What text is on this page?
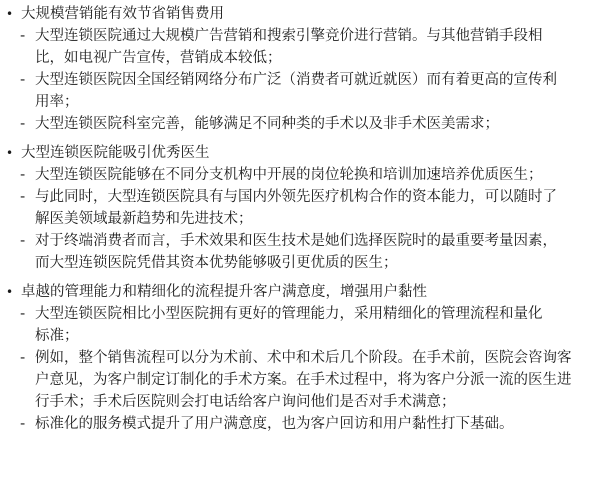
• 大规模营销能有效节省销售费用
- 大型连锁医院通过大规模广告营销和搜索引擎竞价进行营销。与其他营销手段相
比，如电视广告宣传，营销成本较低；
- 大型连锁医院因全国经销网络分布广泛（消费者可就近就医）而有着更高的宣传利
用率；
- 大型连锁医院科室完善，能够满足不同种类的手术以及非手术医美需求；
• 大型连锁医院能吸引优秀医生
- 大型连锁医院能够在不同分支机构中开展的岗位轮换和培训加速培养优质医生；
- 与此同时，大型连锁医院具有与国内外领先医疗机构合作的资本能力，可以随时了
解医美领域最新趋势和先进技术；
- 对于终端消费者而言，手术效果和医生技术是她们选择医院时的最重要考量因素，
而大型连锁医院凭借其资本优势能够吸引更优质的医生；
• 卓越的管理能力和精细化的流程提升客户满意度，增强用户黏性
- 大型连锁医院相比小型医院拥有更好的管理能力，采用精细化的管理流程和量化
标准；
- 例如，整个销售流程可以分为术前、术中和术后几个阶段。在手术前，医院会咨询客
户意见，为客户制定订制化的手术方案。在手术过程中，将为客户分派一流的医生进
行手术；手术后医院则会打电话给客户询问他们是否对手术满意；
- 标准化的服务模式提升了用户满意度，也为客户回访和用户黏性打下基础。
